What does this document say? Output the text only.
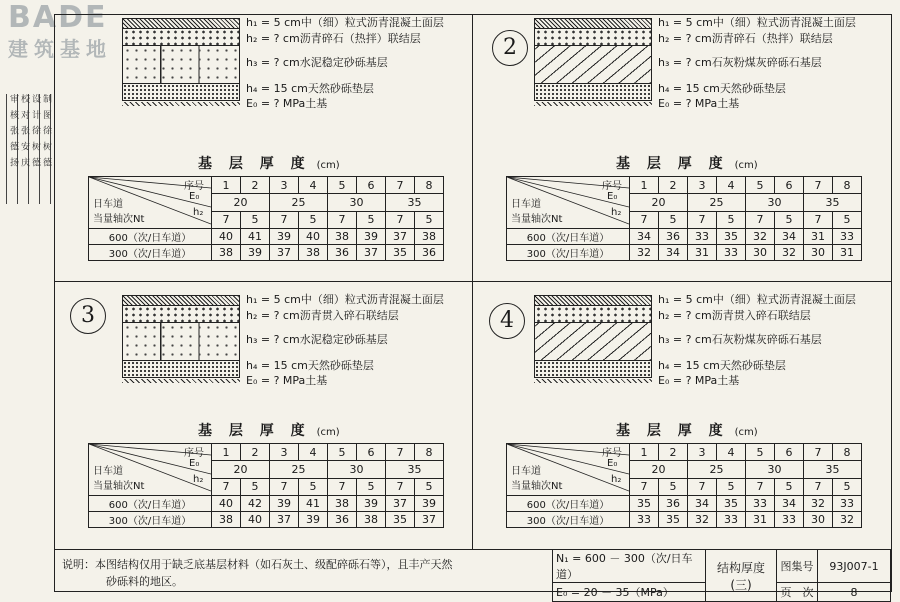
BADE
建筑基地
审 核 张 德 扬 校 对 张 安 庆 设 计 徐 树 德 制 图 徐 树 德
h₁ = 5 cm中（细）粒式沥青混凝土面层
h₂ = ? cm沥青碎石（热拌）联结层
h₃ = ? cm水泥稳定砂砾基层
h₄ = 15 cm天然砂砾垫层
E₀ = ? MPa土基
基 层 厚 度 (cm)
序号
E₀
h₂
日车道
当量轴次Nt	1	2	3	4	5	6	7	8
	20		25		30		35	
	7	5	7	5	7	5	7	5
600（次/日车道）	40	41	39	40	38	39	37	38
300（次/日车道）	38	39	37	38	36	37	35	36
2
h₁ = 5 cm中（细）粒式沥青混凝土面层
h₂ = ? cm沥青碎石（热拌）联结层
h₃ = ? cm石灰粉煤灰碎砾石基层
h₄ = 15 cm天然砂砾垫层
E₀ = ? MPa土基
基 层 厚 度 (cm)
序号
E₀
h₂
日车道
当量轴次Nt	1	2	3	4	5	6	7	8
	20		25		30		35	
	7	5	7	5	7	5	7	5
600（次/日车道）	34	36	33	35	32	34	31	33
300（次/日车道）	32	34	31	33	30	32	30	31
3
h₁ = 5 cm中（细）粒式沥青混凝土面层
h₂ = ? cm沥青贯入碎石联结层
h₃ = ? cm水泥稳定砂砾基层
h₄ = 15 cm天然砂砾垫层
E₀ = ? MPa土基
基 层 厚 度 (cm)
序号
E₀
h₂
日车道
当量轴次Nt	1	2	3	4	5	6	7	8
	20		25		30		35	
	7	5	7	5	7	5	7	5
600（次/日车道）	40	42	39	41	38	39	37	39
300（次/日车道）	38	40	37	39	36	38	35	37
4
h₁ = 5 cm中（细）粒式沥青混凝土面层
h₂ = ? cm沥青贯入碎石联结层
h₃ = ? cm石灰粉煤灰碎砾石基层
h₄ = 15 cm天然砂砾垫层
E₀ = ? MPa土基
基 层 厚 度 (cm)
序号
E₀
h₂
日车道
当量轴次Nt	1	2	3	4	5	6	7	8
	20		25		30		35	
	7	5	7	5	7	5	7	5
600（次/日车道）	35	36	34	35	33	34	32	33
300（次/日车道）	33	35	32	33	31	33	30	32
说明：本图结构仅用于缺乏底基层材料（如石灰土、级配碎砾石等），且丰产天然
砂砾料的地区。
N₁ = 600 － 300（次/日车道）	结构厚度(三)	图集号	93J007-1
E₀ = 20 － 35（MPa）		页　次	8
